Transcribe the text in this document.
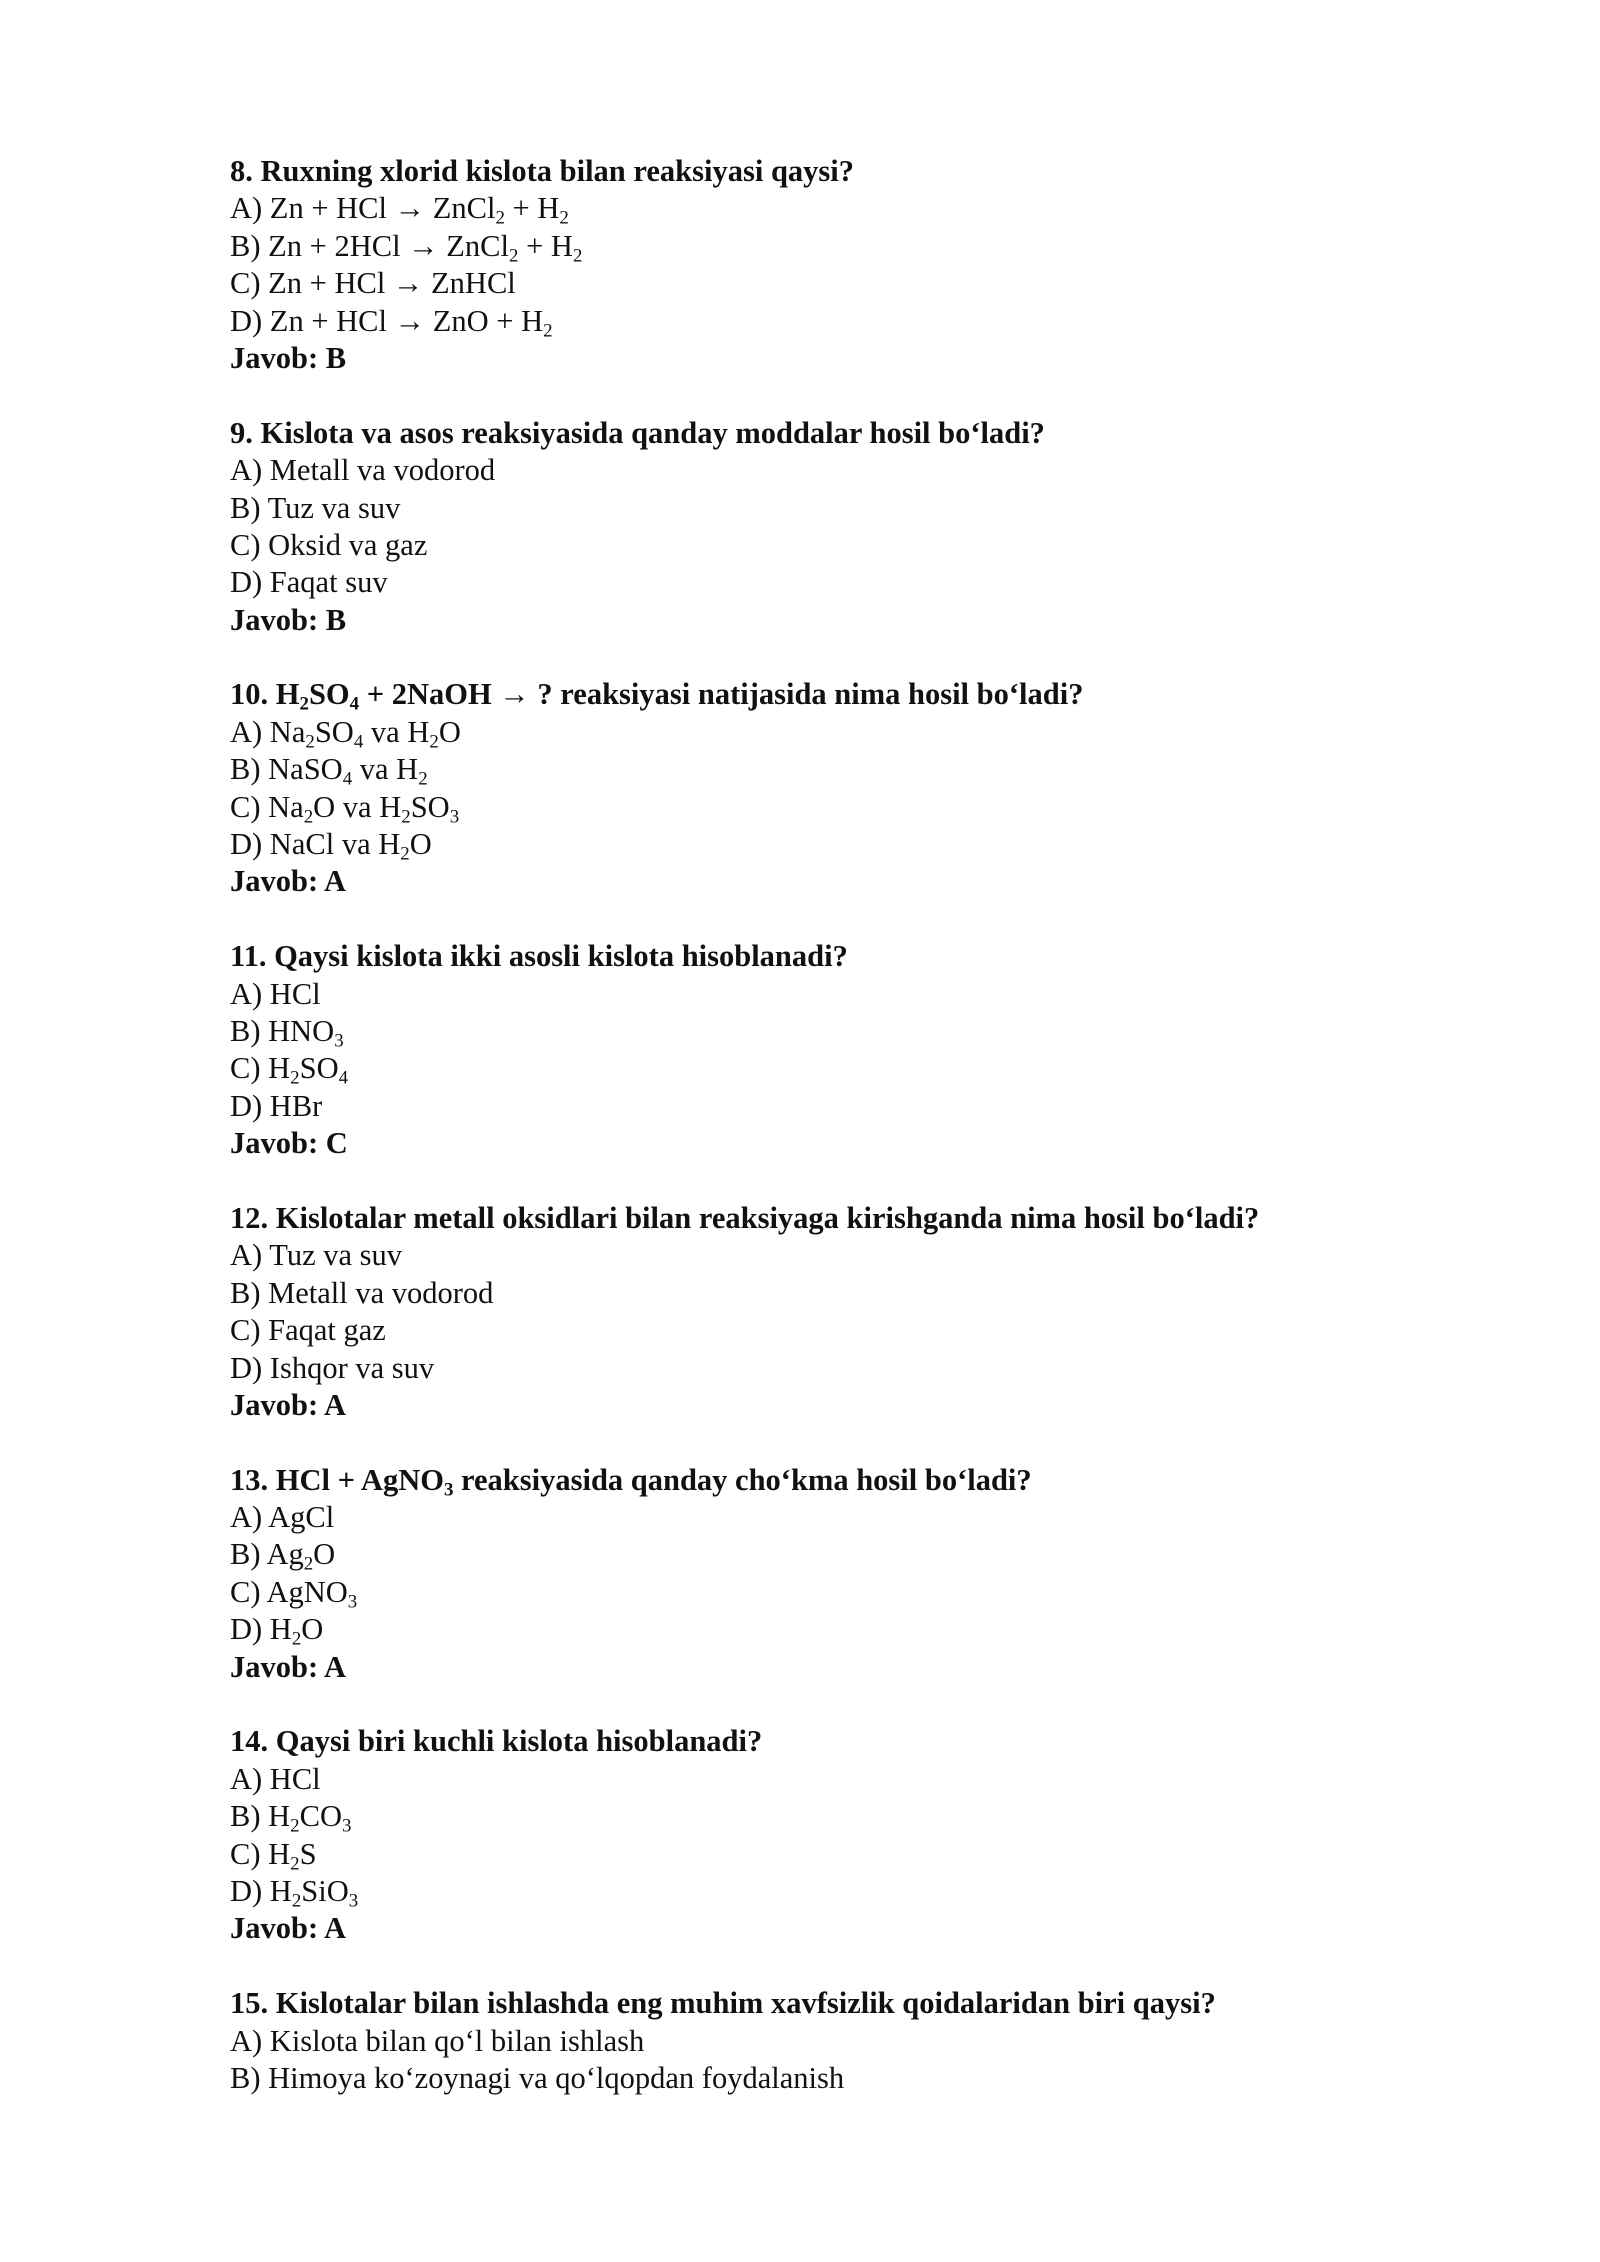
8. Ruxning xlorid kislota bilan reaksiyasi qaysi?
A) Zn + HCl → ZnCl$_2$ + $H_2$
B) Zn + 2HCl → ZnCl$_2$ + $H_2$
C) Zn + HCl → ZnHCl
D) Zn + HCl → ZnO + $H_2$
Javob: B
9. Kislota va asos reaksiyasida qanday moddalar hosil bo‘ladi?
A) Metall va vodorod
B) Tuz va suv
C) Oksid va gaz
D) Faqat suv
Javob: B
10. $H_2SO_4$ + 2NaOH → ? reaksiyasi natijasida nima hosil bo‘ladi?
A) $Na_2SO_4$ va $H_2O$
B) NaSO$_4$ va $H_2$
C) $Na_2O$ va $H_2SO_3$
D) NaCl va $H_2O$
Javob: A
11. Qaysi kislota ikki asosli kislota hisoblanadi?
A) HCl
B) $HNO_3$
C) $H_2SO_4$
D) HBr
Javob: C
12. Kislotalar metall oksidlari bilan reaksiyaga kirishganda nima hosil bo‘ladi?
A) Tuz va suv
B) Metall va vodorod
C) Faqat gaz
D) Ishqor va suv
Javob: A
13. HCl + AgNO$_3$ reaksiyasida qanday cho‘kma hosil bo‘ladi?
A) AgCl
B) $Ag_2O$
C) AgNO$_3$
D) $H_2O$
Javob: A
14. Qaysi biri kuchli kislota hisoblanadi?
A) HCl
B) $H_2CO_3$
C) $H_2S$
D) $H_2SiO_3$
Javob: A
15. Kislotalar bilan ishlashda eng muhim xavfsizlik qoidalaridan biri qaysi?
A) Kislota bilan qo‘l bilan ishlash
B) Himoya ko‘zoynagi va qo‘lqopdan foydalanish
